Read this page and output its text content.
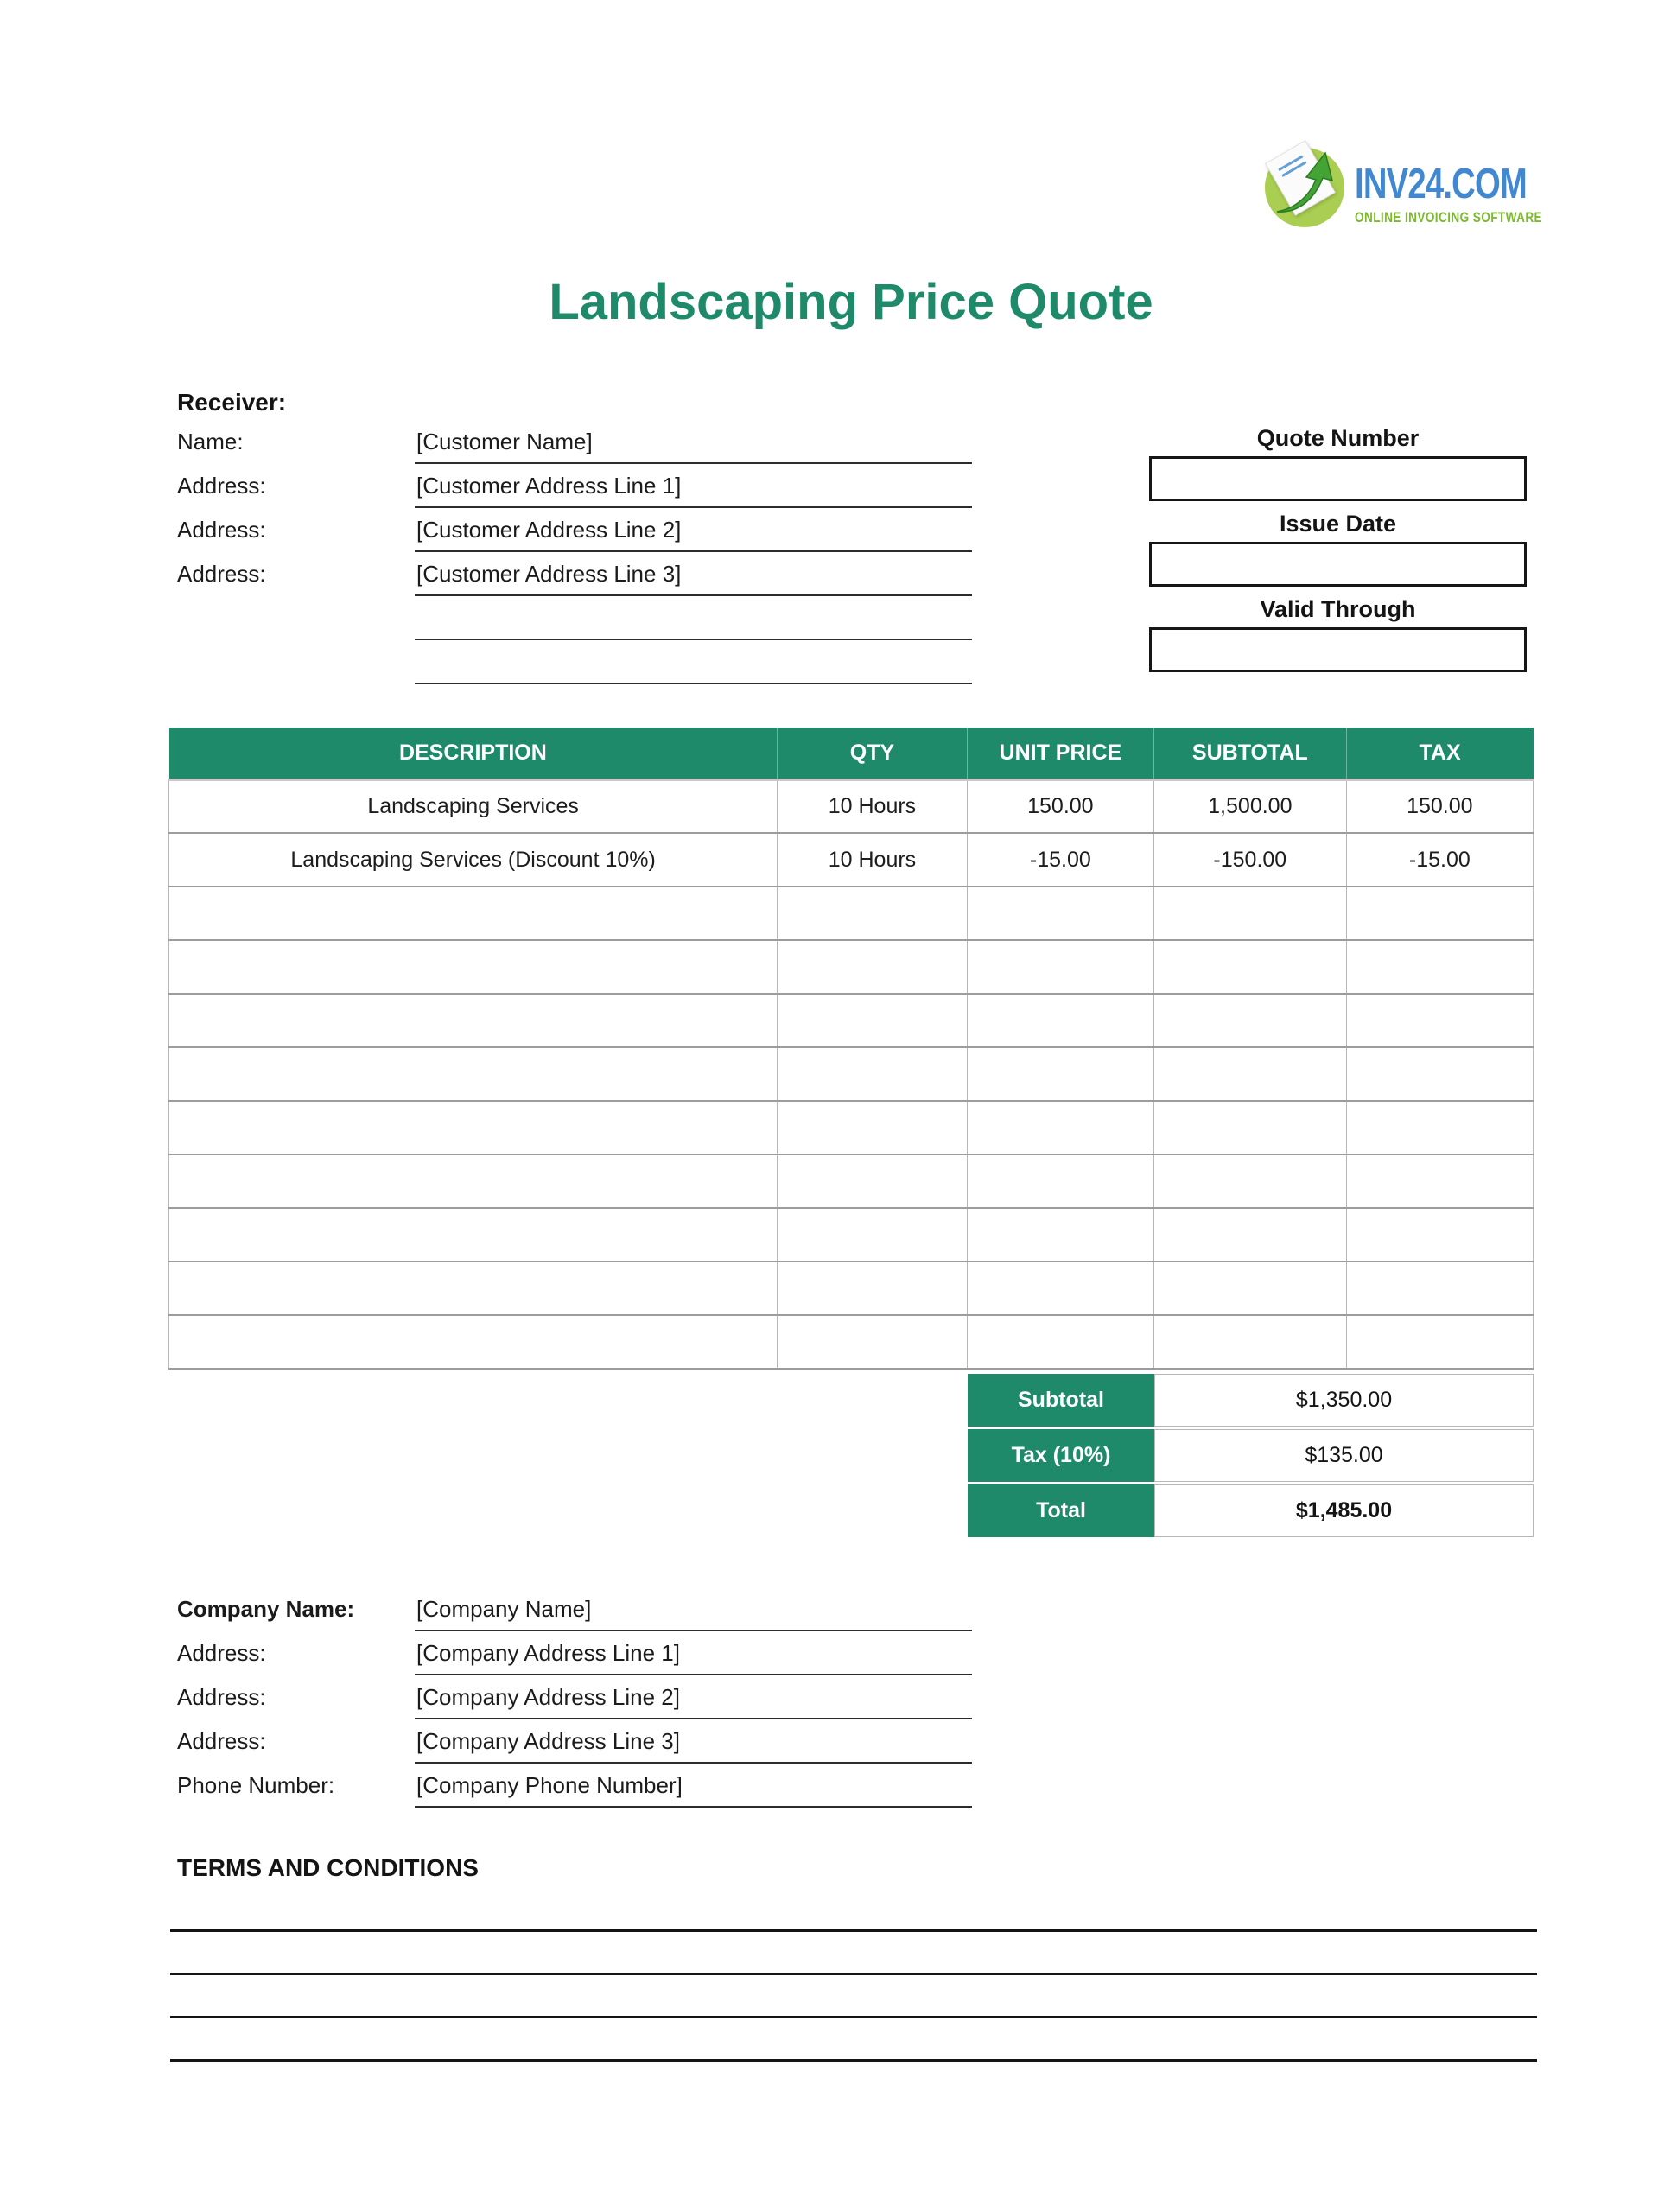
INV24.COM
ONLINE INVOICING SOFTWARE
Landscaping Price Quote
Receiver:
Name:	[Customer Name]
Address:	[Customer Address Line 1]
Address:	[Customer Address Line 2]
Address:	[Customer Address Line 3]
Quote Number
Issue Date
Valid Through
DESCRIPTION	QTY	UNIT PRICE	SUBTOTAL	TAX
Landscaping Services	10 Hours	150.00	1,500.00	150.00
Landscaping Services (Discount 10%)	10 Hours	-15.00	-150.00	-15.00

Subtotal	$1,350.00
Tax (10%)	$135.00
Total	$1,485.00
Company Name:	[Company Name]
Address:	[Company Address Line 1]
Address:	[Company Address Line 2]
Address:	[Company Address Line 3]
Phone Number:	[Company Phone Number]
TERMS AND CONDITIONS
